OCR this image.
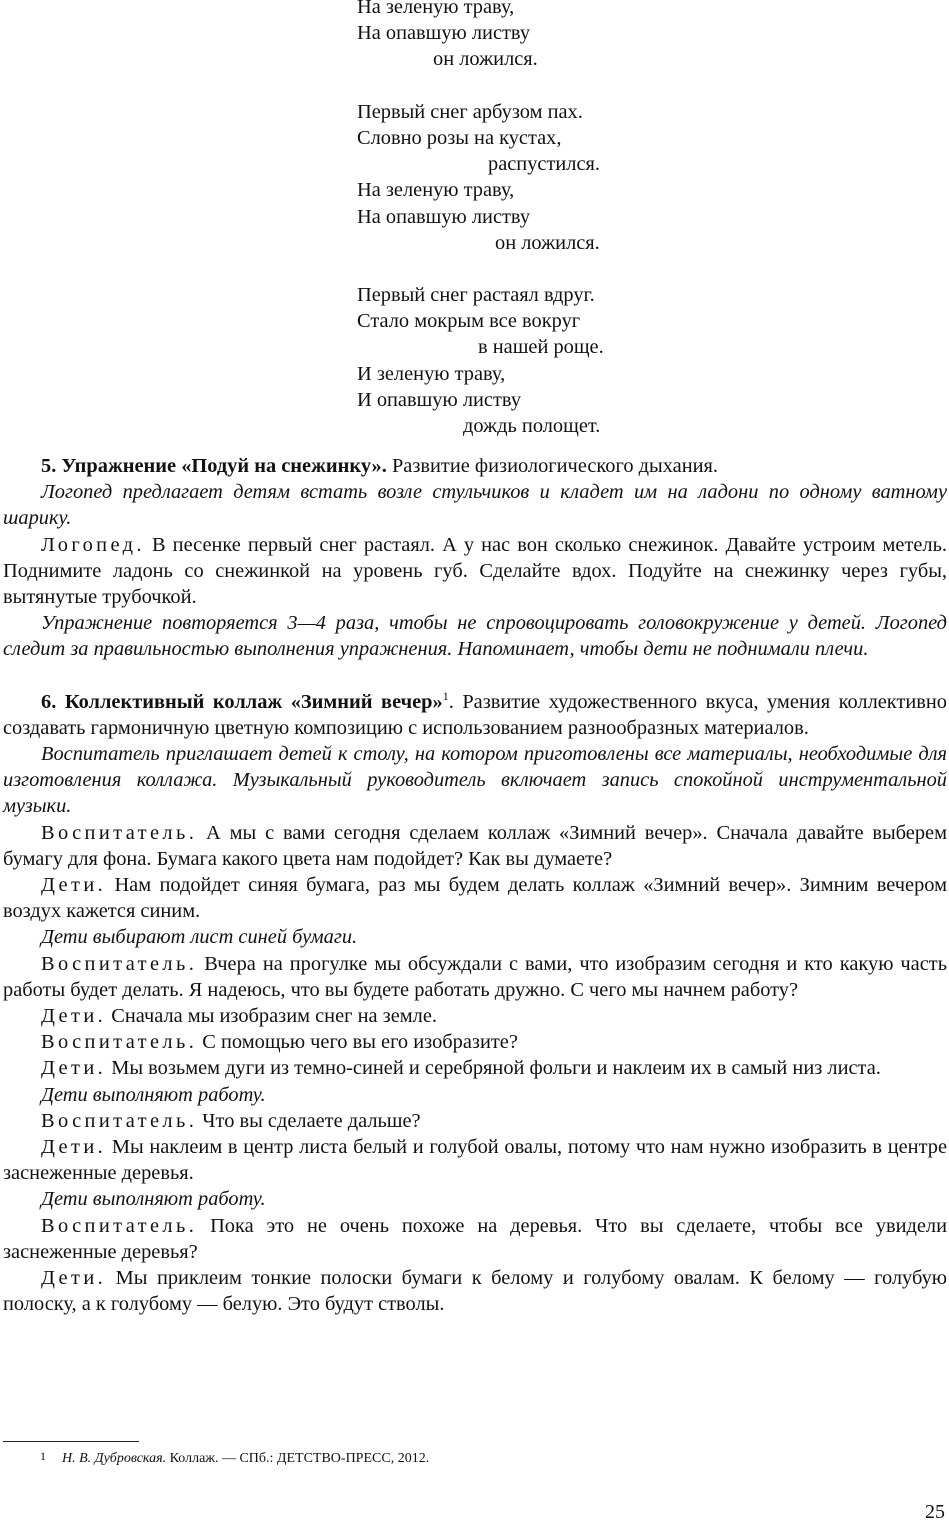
На зеленую траву,
На опавшую листву
он ложился.
Первый снег арбузом пах.
Словно розы на кустах,
распустился.
На зеленую траву,
На опавшую листву
он ложился.
Первый снег растаял вдруг.
Стало мокрым все вокруг
в нашей роще.
И зеленую траву,
И опавшую листву
дождь полощет.

5. Упражнение «Подуй на снежинку». Развитие физиологического дыхания.

Логопед предлагает детям встать возле стульчиков и кладет им на ладони по одному ватному шарику.

Логопед. В песенке первый снег растаял. А у нас вон сколько снежинок. Давайте устроим метель. Поднимите ладонь со снежинкой на уровень губ. Сделайте вдох. Подуйте на снежинку через губы, вытянутые трубочкой.

Упражнение повторяется 3—4 раза, чтобы не спровоцировать головокружение у детей. Логопед следит за правильностью выполнения упражнения. Напоминает, чтобы дети не поднимали плечи.

6. Коллективный коллаж «Зимний вечер»$^1$. Развитие художественного вкуса, умения коллективно создавать гармоничную цветную композицию с использованием разнообразных материалов.

Воспитатель приглашает детей к столу, на котором приготовлены все материалы, необходимые для изготовления коллажа. Музыкальный руководитель включает запись спокойной инструментальной музыки.

Воспитатель. А мы с вами сегодня сделаем коллаж «Зимний вечер». Сначала давайте выберем бумагу для фона. Бумага какого цвета нам подойдет? Как вы думаете?

Дети. Нам подойдет синяя бумага, раз мы будем делать коллаж «Зимний вечер». Зимним вечером воздух кажется синим.

Дети выбирают лист синей бумаги.

Воспитатель. Вчера на прогулке мы обсуждали с вами, что изобразим сегодня и кто какую часть работы будет делать. Я надеюсь, что вы будете работать дружно. С чего мы начнем работу?

Дети. Сначала мы изобразим снег на земле.

Воспитатель. С помощью чего вы его изобразите?

Дети. Мы возьмем дуги из темно-синей и серебряной фольги и наклеим их в самый низ листа.

Дети выполняют работу.

Воспитатель. Что вы сделаете дальше?

Дети. Мы наклеим в центр листа белый и голубой овалы, потому что нам нужно изобразить в центре заснеженные деревья.

Дети выполняют работу.

Воспитатель. Пока это не очень похоже на деревья. Что вы сделаете, чтобы все увидели заснеженные деревья?

Дети. Мы приклеим тонкие полоски бумаги к белому и голубому овалам. К белому — голубую полоску, а к голубому — белую. Это будут стволы.

1 Н. В. Дубровская. Коллаж. — СПб.: ДЕТСТВО-ПРЕСС, 2012.
25
